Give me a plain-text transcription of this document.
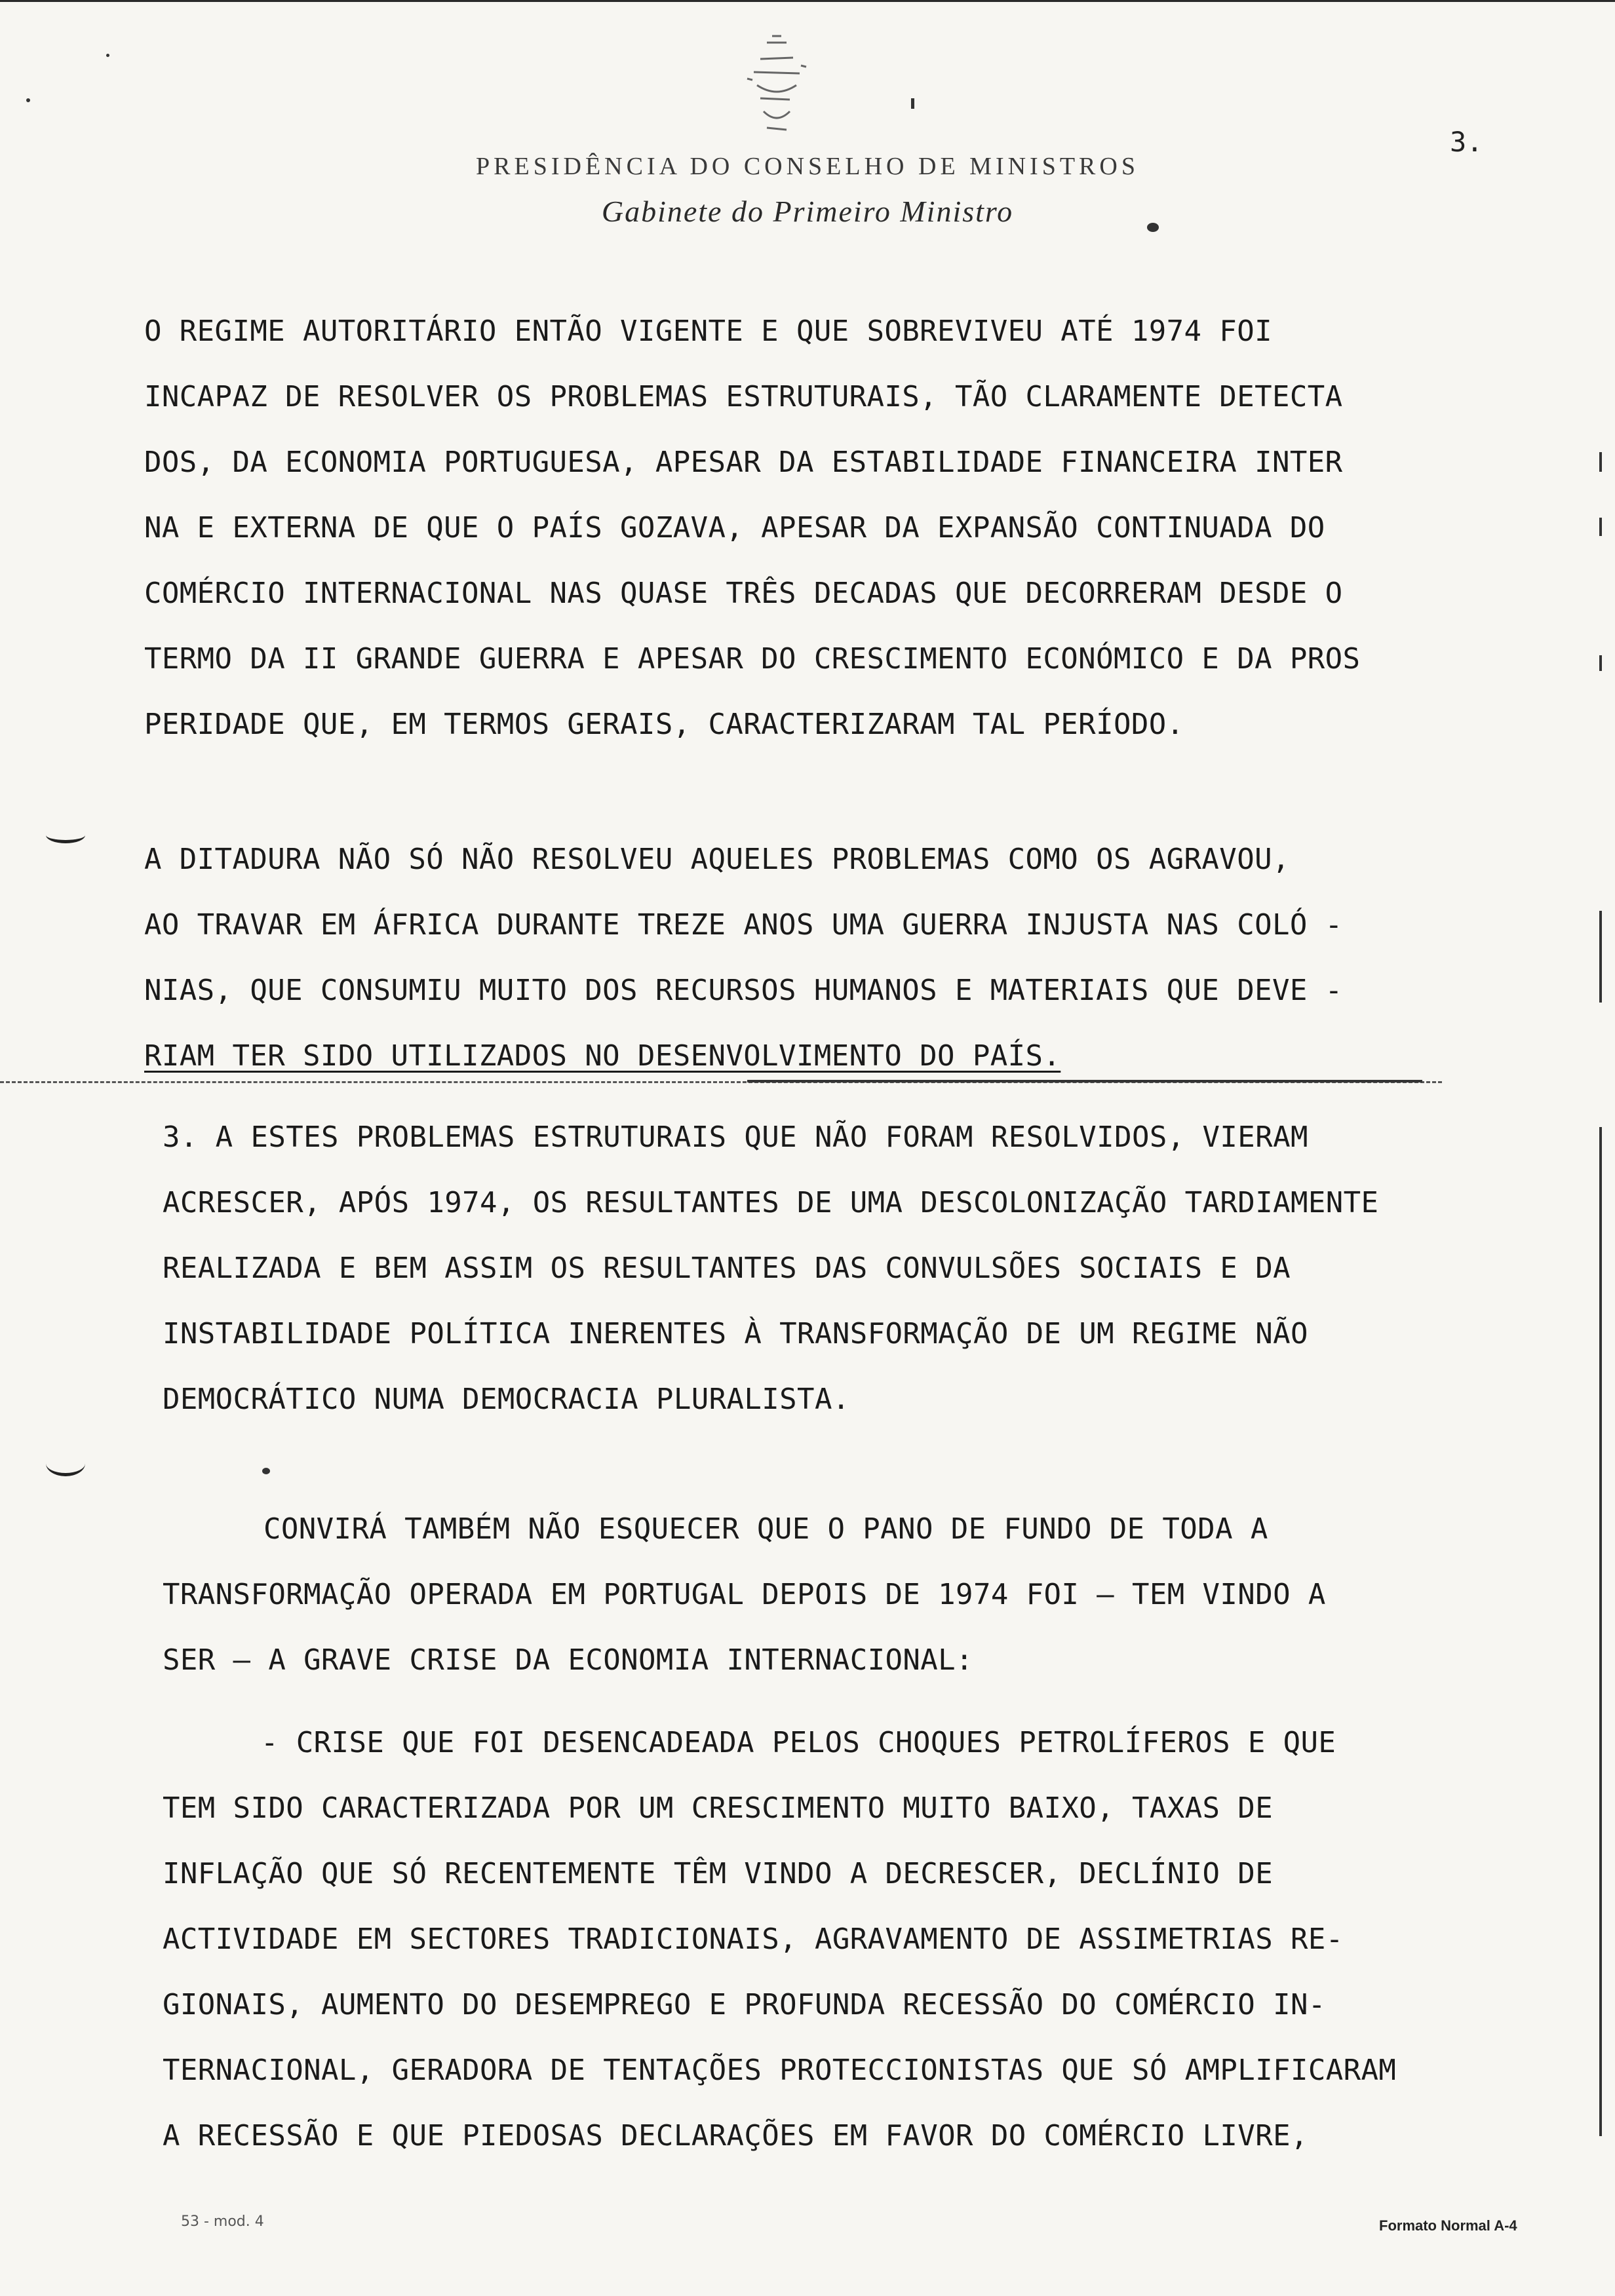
PRESIDÊNCIA DO CONSELHO DE MINISTROS
Gabinete do Primeiro Ministro
3.
O REGIME AUTORITÁRIO ENTÃO VIGENTE E QUE SOBREVIVEU ATÉ 1974 FOI
INCAPAZ DE RESOLVER OS PROBLEMAS ESTRUTURAIS, TÃO CLARAMENTE DETECTA
DOS, DA ECONOMIA PORTUGUESA, APESAR DA ESTABILIDADE FINANCEIRA INTER
NA E EXTERNA DE QUE O PAÍS GOZAVA, APESAR DA EXPANSÃO CONTINUADA DO
COMÉRCIO INTERNACIONAL NAS QUASE TRÊS DECADAS QUE DECORRERAM DESDE O
TERMO DA II GRANDE GUERRA E APESAR DO CRESCIMENTO ECONÓMICO E DA PROS
PERIDADE QUE, EM TERMOS GERAIS, CARACTERIZARAM TAL PERÍODO.
A DITADURA NÃO SÓ NÃO RESOLVEU AQUELES PROBLEMAS COMO OS AGRAVOU,
AO TRAVAR EM ÁFRICA DURANTE TREZE ANOS UMA GUERRA INJUSTA NAS COLÓ -
NIAS, QUE CONSUMIU MUITO DOS RECURSOS HUMANOS E MATERIAIS QUE DEVE -
RIAM TER SIDO UTILIZADOS NO DESENVOLVIMENTO DO PAÍS.
3. A ESTES PROBLEMAS ESTRUTURAIS QUE NÃO FORAM RESOLVIDOS, VIERAM
ACRESCER, APÓS 1974, OS RESULTANTES DE UMA DESCOLONIZAÇÃO TARDIAMENTE
REALIZADA E BEM ASSIM OS RESULTANTES DAS CONVULSÕES SOCIAIS E DA
INSTABILIDADE POLÍTICA INERENTES À TRANSFORMAÇÃO DE UM REGIME NÃO
DEMOCRÁTICO NUMA DEMOCRACIA PLURALISTA.
CONVIRÁ TAMBÉM NÃO ESQUECER QUE O PANO DE FUNDO DE TODA A
TRANSFORMAÇÃO OPERADA EM PORTUGAL DEPOIS DE 1974 FOI — TEM VINDO A
SER — A GRAVE CRISE DA ECONOMIA INTERNACIONAL:
- CRISE QUE FOI DESENCADEADA PELOS CHOQUES PETROLÍFEROS E QUE
TEM SIDO CARACTERIZADA POR UM CRESCIMENTO MUITO BAIXO, TAXAS DE
INFLAÇÃO QUE SÓ RECENTEMENTE TÊM VINDO A DECRESCER, DECLÍNIO DE
ACTIVIDADE EM SECTORES TRADICIONAIS, AGRAVAMENTO DE ASSIMETRIAS RE-
GIONAIS, AUMENTO DO DESEMPREGO E PROFUNDA RECESSÃO DO COMÉRCIO IN-
TERNACIONAL, GERADORA DE TENTAÇÕES PROTECCIONISTAS QUE SÓ AMPLIFICARAM
A RECESSÃO E QUE PIEDOSAS DECLARAÇÕES EM FAVOR DO COMÉRCIO LIVRE,
53 - mod. 4	Formato Normal A-4
